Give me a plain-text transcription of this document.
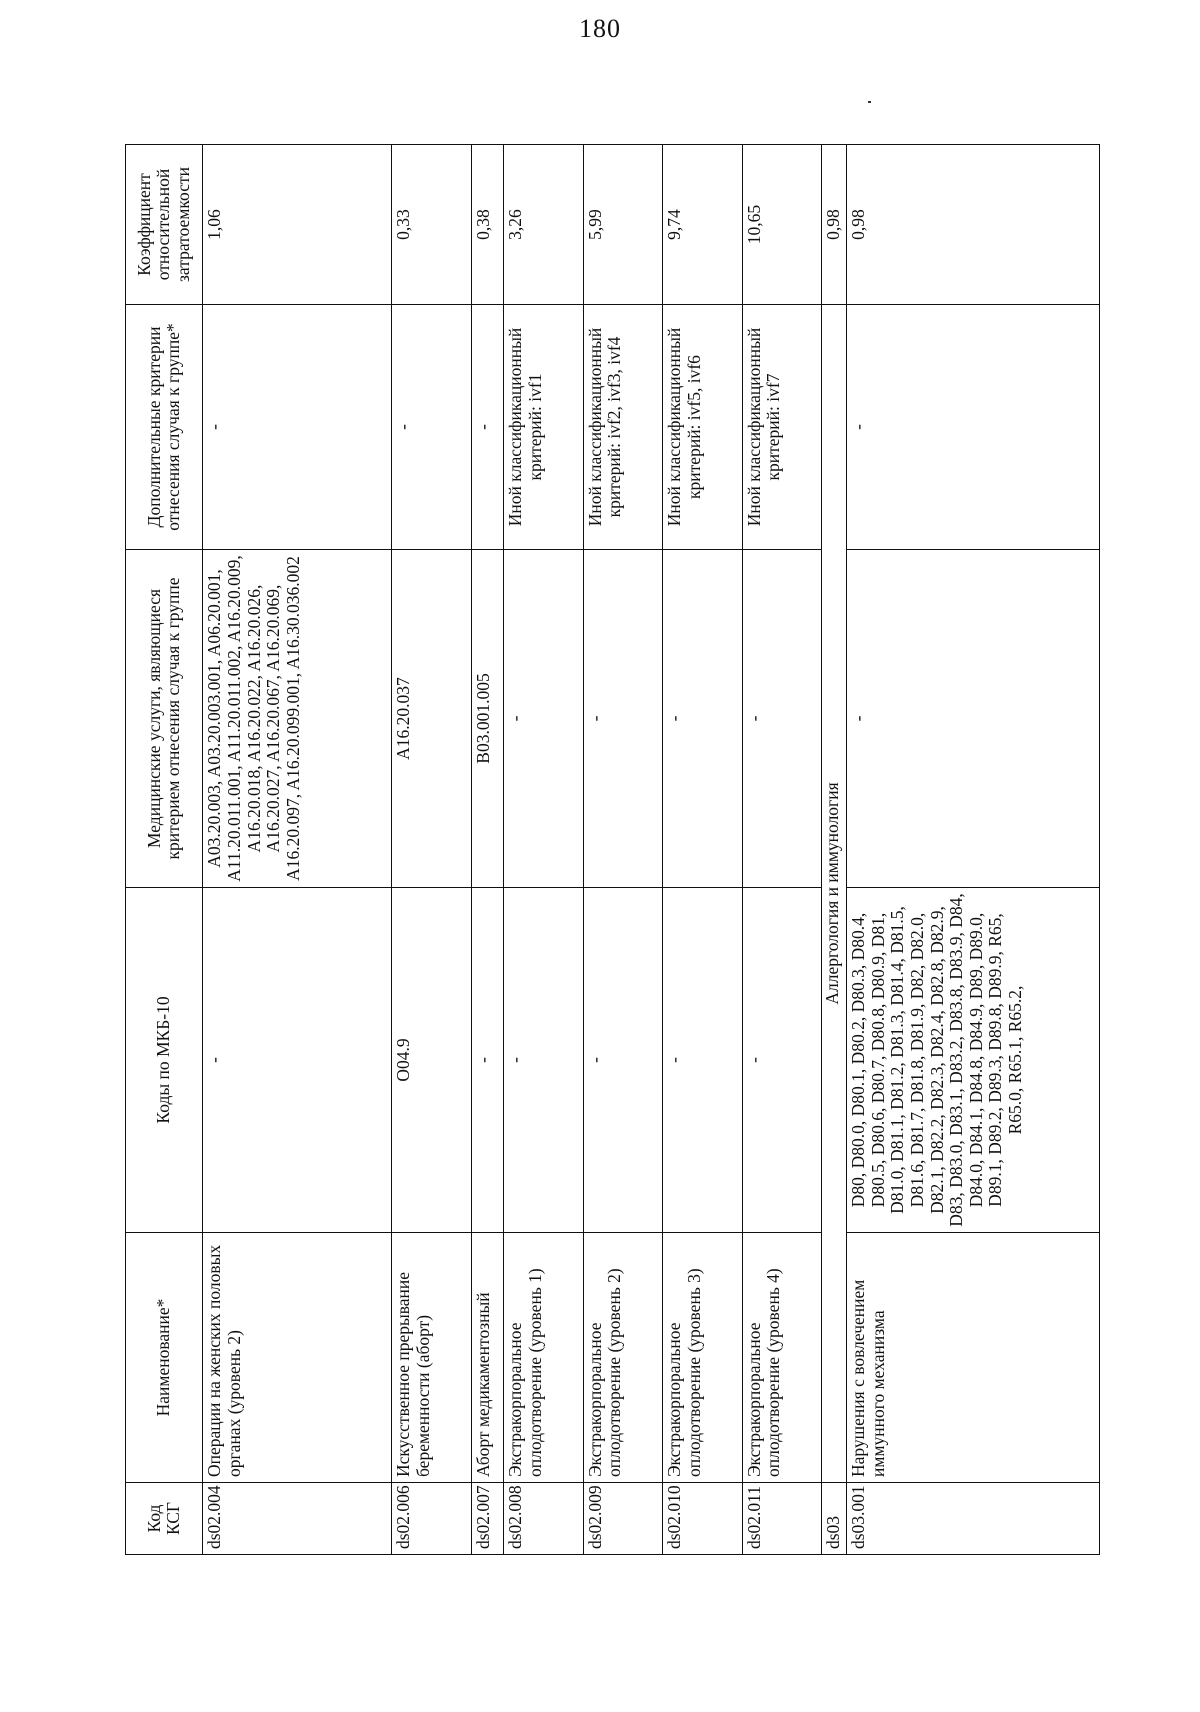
180
Код КСГ	Наименование*	Коды по МКБ-10	Медицинские услуги, являющиеся критерием отнесения случая к группе	Дополнительные критерии отнесения случая к группе*	Коэффициент относительной затратоемкости
ds02.004	Операции на женских половых органах (уровень 2)	-	A03.20.003, A03.20.003.001, A06.20.001, A11.20.011.001, A11.20.011.002, A16.20.009, A16.20.018, A16.20.022, A16.20.026, A16.20.027, A16.20.067, A16.20.069, A16.20.097, A16.20.099.001, A16.30.036.002	-	1,06
ds02.006	Искусственное прерывание беременности (аборт)	O04.9	A16.20.037	-	0,33
ds02.007	Аборт медикаментозный	-	B03.001.005	-	0,38
ds02.008	Экстракорпоральное оплодотворение (уровень 1)	-	-	Иной классификационный критерий: ivf1	3,26
ds02.009	Экстракорпоральное оплодотворение (уровень 2)	-	-	Иной классификационный критерий: ivf2, ivf3, ivf4	5,99
ds02.010	Экстракорпоральное оплодотворение (уровень 3)	-	-	Иной классификационный критерий: ivf5, ivf6	9,74
ds02.011	Экстракорпоральное оплодотворение (уровень 4)	-	-	Иной классификационный критерий: ivf7	10,65
ds03	Аллергология и иммунология				0,98
ds03.001	Нарушения с вовлечением иммунного механизма	D80, D80.0, D80.1, D80.2, D80.3, D80.4, D80.5, D80.6, D80.7, D80.8, D80.9, D81, D81.0, D81.1, D81.2, D81.3, D81.4, D81.5, D81.6, D81.7, D81.8, D81.9, D82, D82.0, D82.1, D82.2, D82.3, D82.4, D82.8, D82.9, D83, D83.0, D83.1, D83.2, D83.8, D83.9, D84, D84.0, D84.1, D84.8, D84.9, D89, D89.0, D89.1, D89.2, D89.3, D89.8, D89.9, R65, R65.0, R65.1, R65.2,	-	-	0,98
